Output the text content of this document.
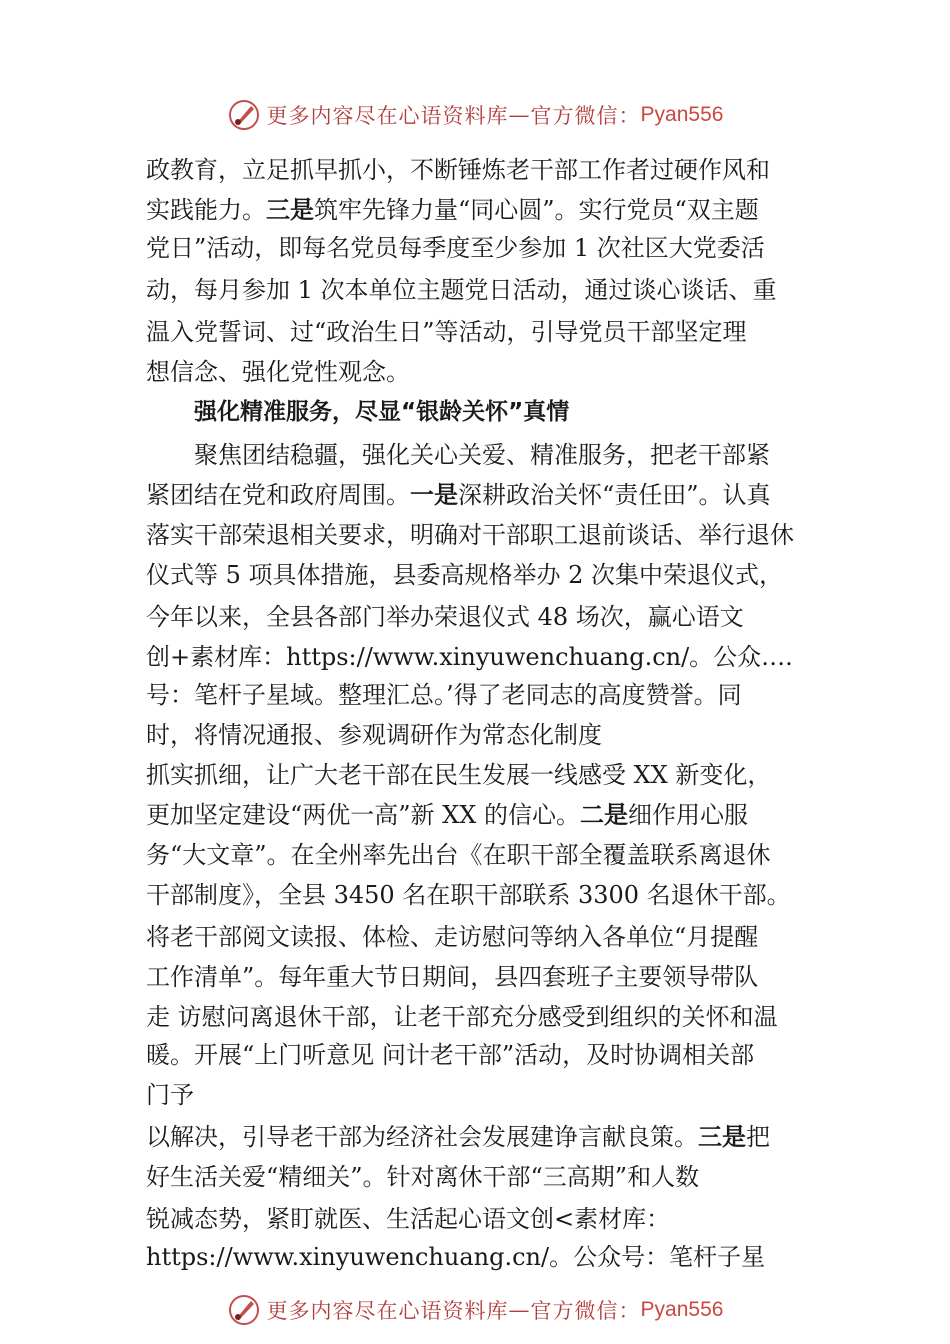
更多内容尽在心语资料库 — 官方微信： Pyan556
政教育，立足抓早抓小，不断锤炼老干部工作者过硬作风和
实践能力。三是筑牢先锋力量“同心圆”。实行党员“双主题
党日”活动，即每名党员每季度至少参加 1 次社区大党委活
动，每月参加 1 次本单位主题党日活动，通过谈心谈话、重
温入党誓词、过“政治生日”等活动，引导党员干部坚定理
想信念、强化党性观念。
强化精准服务，尽显“银龄关怀”真情
聚焦团结稳疆，强化关心关爱、精准服务，把老干部紧
紧团结在党和政府周围。一是深耕政治关怀“责任田”。认真
落实干部荣退相关要求，明确对干部职工退前谈话、举行退休
仪式等 5 项具体措施，县委高规格举办 2 次集中荣退仪式，
今年以来，全县各部门举办荣退仪式 48 场次，赢心语文
创+素材库：https://www.xinyuwenchuang.cn/。公众….
号：笔杆子星域。整理汇总。’得了老同志的高度赞誉。同
时，将情况通报、参观调研作为常态化制度
抓实抓细，让广大老干部在民生发展一线感受 XX 新变化，
更加坚定建设“两优一高”新 XX 的信心。二是细作用心服
务“大文章”。在全州率先出台《在职干部全覆盖联系离退休
干部制度》，全县 3450 名在职干部联系 3300 名退休干部。
将老干部阅文读报、体检、走访慰问等纳入各单位“月提醒
工作清单”。每年重大节日期间，县四套班子主要领导带队
走 访慰问离退休干部，让老干部充分感受到组织的关怀和温
暖。开展“上门听意见 问计老干部”活动，及时协调相关部
门予
以解决，引导老干部为经济社会发展建诤言献良策。三是把
好生活关爱“精细关”。针对离休干部“三高期”和人数
锐减态势，紧盯就医、生活起心语文创<素材库：
https://www.xinyuwenchuang.cn/。公众号：笔杆子星
更多内容尽在心语资料库 — 官方微信： Pyan556
